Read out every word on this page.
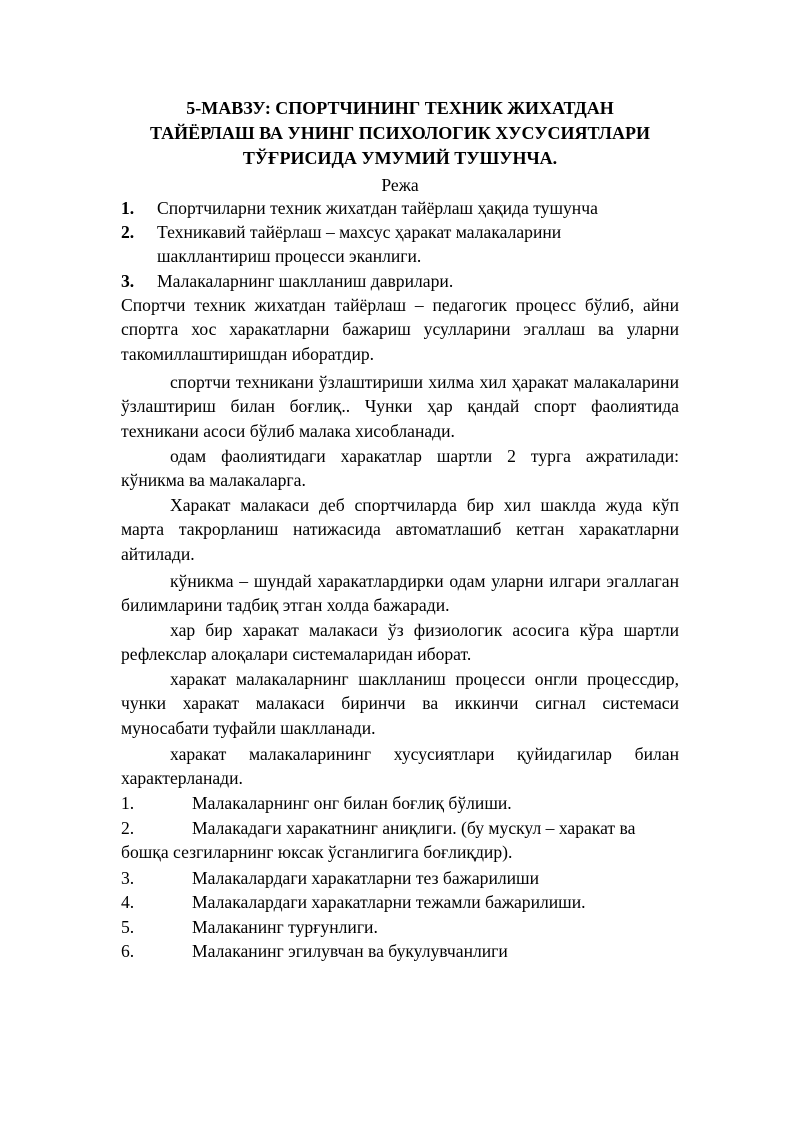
5-МАВЗУ: СПОРТЧИНИНГ ТЕХНИК ЖИХАТДАН
ТАЙЁРЛАШ ВА УНИНГ ПСИХОЛОГИК ХУСУСИЯТЛАРИ
ТЎҒРИСИДА УМУМИЙ ТУШУНЧА.
Режа
1. Спортчиларни техник жихатдан тайёрлаш ҳақида тушунча
2. Техникавий тайёрлаш – махсус ҳаракат малакаларини шакллантириш процесси эканлиги.
3. Малакаларнинг шаклланиш даврилари.
Спортчи техник жихатдан тайёрлаш – педагогик процесс бўлиб, айни спортга хос харакатларни бажариш усулларини эгаллаш ва уларни такомиллаштиришдан иборатдир.
спортчи техникани ўзлаштириши хилма хил ҳаракат малакаларини ўзлаштириш билан боғлиқ.. Чунки ҳар қандай спорт фаолиятида техникани асоси бўлиб малака хисобланади.
одам фаолиятидаги харакатлар шартли 2 турга ажратилади: кўникма ва малакаларга.
Харакат малакаси деб спортчиларда бир хил шаклда жуда кўп марта такрорланиш натижасида автоматлашиб кетган харакатларни айтилади.
кўникма – шундай харакатлардирки одам уларни илгари эгаллаган билимларини тадбиқ этган холда бажаради.
хар бир харакат малакаси ўз физиологик асосига кўра шартли рефлекслар алоқалари системаларидан иборат.
харакат малакаларнинг шаклланиш процесси онгли процессдир, чунки харакат малакаси биринчи ва иккинчи сигнал системаси муносабати туфайли шаклланади.
харакат малакаларининг хусусиятлари қуйидагилар билан характерланади.
1.	Малакаларнинг онг билан боғлиқ бўлиши.
2.	Малакадаги харакатнинг аниқлиги. (бу мускул – харакат ва бошқа сезгиларнинг юксак ўсганлигига боғлиқдир).
3.	Малакалардаги харакатларни тез бажарилиши
4.	Малакалардаги харакатларни тежамли бажарилиши.
5.	Малаканинг турғунлиги.
6.	Малаканинг эгилувчан ва букулувчанлиги
